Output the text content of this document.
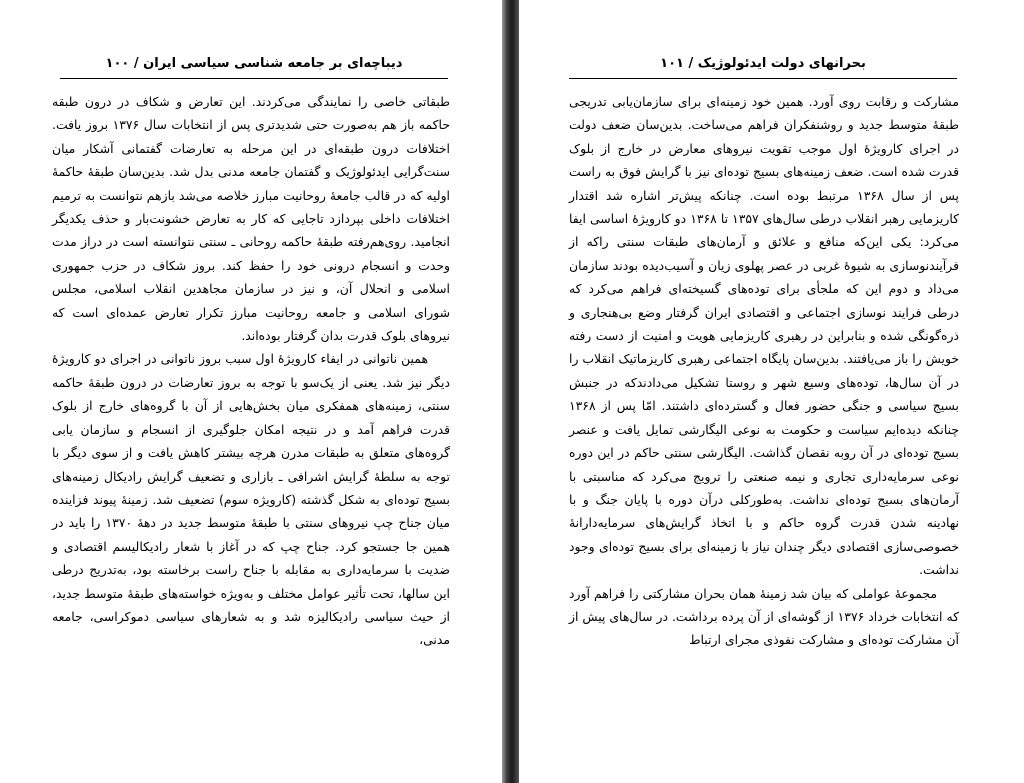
دیباچه‌ای بر جامعه شناسی سیاسی ایران / ۱۰۰

طبقاتی خاصی را نمایندگی می‌کردند. این تعارض و شکاف در درون طبقه حاکمه باز هم به‌صورت حتی شدیدتری پس از انتخابات سال ۱۳۷۶ بروز یافت. اختلافات درون طبقه‌ای در این مرحله به تعارضات گفتمانی آشکار میان سنت‌گرایی ایدئولوژیک و گفتمان جامعه مدنی بدل شد. بدین‌سان طبقهٔ حاکمهٔ اولیه که در قالب جامعهٔ روحانیت مبارز خلاصه می‌شد بازهم نتوانست به ترمیم اختلافات داخلی بپردازد تاجایی که کار به تعارض خشونت‌بار و حذف یکدیگر انجامید. روی‌هم‌رفته طبقهٔ حاکمه روحانی ـ سنتی نتوانسته است در دراز مدت وحدت و انسجام درونی خود را حفظ کند. بروز شکاف در حزب جمهوری اسلامی و انحلال آن، و نیز در سازمان مجاهدین انقلاب اسلامی، مجلس شورای اسلامی و جامعه روحانیت مبارز تکرار تعارض عمده‌ای است که نیروهای بلوک قدرت بدان گرفتار بوده‌اند.

همین ناتوانی در ایفاء کارویژهٔ اول سبب بروز ناتوانی در اجرای دو کارویژهٔ دیگر نیز شد. یعنی از یک‌سو با توجه به بروز تعارضات در درون طبقهٔ حاکمه سنتی، زمینه‌های همفکری میان بخش‌هایی از آن با گروه‌های خارج از بلوک قدرت فراهم آمد و در نتیجه امکان جلوگیری از انسجام و سازمان یابی گروه‌های متعلق به طبقات مدرن هرچه بیشتر کاهش یافت و از سوی دیگر با توجه به سلطهٔ گرایش اشرافی ـ بازاری و تضعیف گرایش رادیکال زمینه‌های بسیج توده‌ای به شکل گذشته (کارویژه سوم) تضعیف شد. زمینهٔ پیوند فزاینده میان جناح چپ نیروهای سنتی با طبقهٔ متوسط جدید در دههٔ ۱۳۷۰ را باید در همین جا جستجو کرد. جناح چپ که در آغاز با شعار رادیکالیسم اقتصادی و ضدیت با سرمایه‌داری به مقابله با جناح راست برخاسته بود، به‌تدریج درطی این سالها، تحت تأثیر عوامل مختلف و به‌ویژه خواسته‌های طبقهٔ متوسط جدید، از حیث سیاسی رادیکالیزه شد و به شعارهای سیاسی دموکراسی، جامعه مدنی،

بحرانهای دولت ایدئولوژیک / ۱۰۱

مشارکت و رقابت روی آورد. همین خود زمینه‌ای برای سازمان‌یابی تدریجی طبقهٔ متوسط جدید و روشنفکران فراهم می‌ساخت. بدین‌سان ضعف دولت در اجرای کارویژهٔ اول موجب تقویت نیروهای معارض در خارج از بلوک قدرت شده است. ضعف زمینه‌های بسیج توده‌ای نیز با گرایش فوق به راست پس از سال ۱۳۶۸ مرتبط بوده است. چنانکه پیش‌تر اشاره شد اقتدار کاریزمایی رهبر انقلاب درطی سال‌های ۱۳۵۷ تا ۱۳۶۸ دو کارویژهٔ اساسی ایفا می‌کرد: یکی این‌که منافع و علائق و آرمان‌های طبقات سنتی راکه از فرآیندنوسازی به شیوهٔ غربی در عصر پهلوی زیان و آسیب‌دیده بودند سازمان می‌داد و دوم این که ملجأی برای توده‌های گسیخته‌ای فراهم می‌کرد که درطی فرایند نوسازی اجتماعی و اقتصادی ایران گرفتار وضع بی‌هنجاری و ذره‌گونگی شده و بنابراین در رهبری کاریزمایی هویت و امنیت از دست رفته خویش را باز می‌یافتند. بدین‌سان پایگاه اجتماعی رهبری کاریزماتیک انقلاب را در آن سال‌ها، توده‌های وسیع شهر و روستا تشکیل می‌دادندکه در جنبش بسیج سیاسی و جنگی حضور فعال و گسترده‌ای داشتند. امّا پس از ۱۳۶۸ چنانکه دیده‌ایم سیاست و حکومت به نوعی الیگارشی تمایل یافت و عنصر بسیج توده‌ای در آن روبه نقصان گذاشت. الیگارشی سنتی حاکم در این دوره نوعی سرمایه‌داری تجاری و نیمه صنعتی را ترویج می‌کرد که مناسبتی با آرمان‌های بسیج توده‌ای نداشت. به‌طورکلی درآن دوره با پایان جنگ و با نهادینه شدن قدرت گروه حاکم و با اتخاذ گرایش‌های سرمایه‌دارانهٔ خصوصی‌سازی اقتصادی دیگر چندان نیاز با زمینه‌ای برای بسیج توده‌ای وجود نداشت.

مجموعهٔ عواملی که بیان شد زمینهٔ همان بحران مشارکتی را فراهم آورد که انتخابات خرداد ۱۳۷۶ از گوشه‌ای از آن پرده برداشت. در سال‌های پیش از آن مشارکت توده‌ای و مشارکت نفوذی مجرای ارتباط
